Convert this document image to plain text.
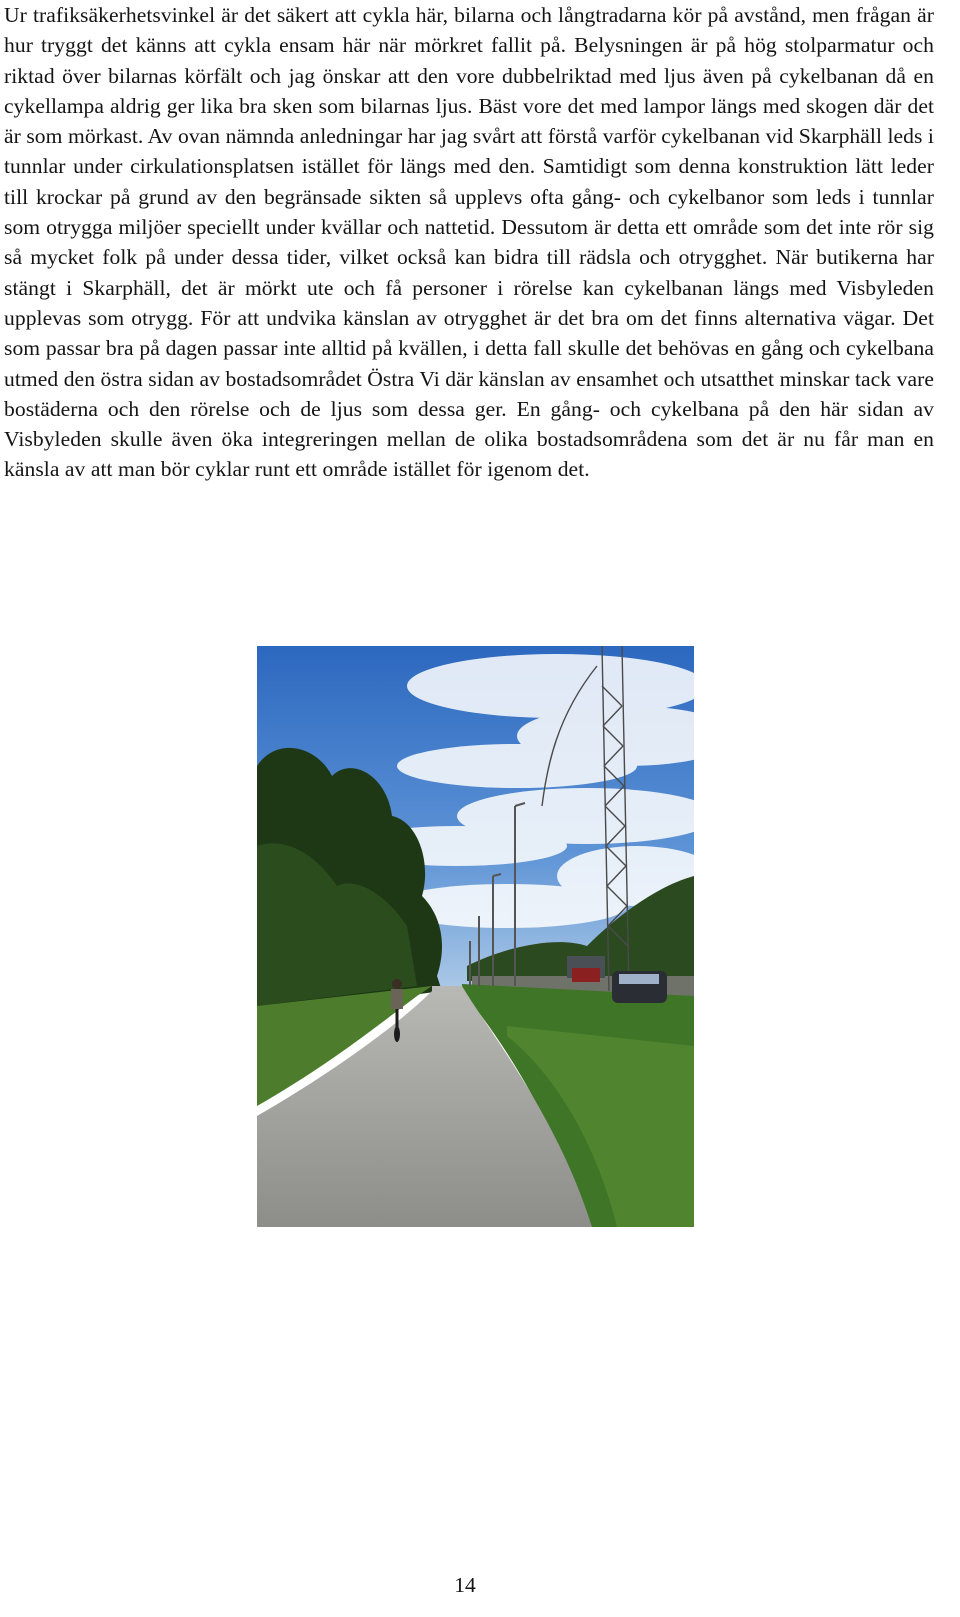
Ur trafiksäkerhetsvinkel är det säkert att cykla här, bilarna och långtradarna kör på avstånd, men frågan är hur tryggt det känns att cykla ensam här när mörkret fallit på. Belysningen är på hög stolparmatur och riktad över bilarnas körfält och jag önskar att den vore dubbelriktad med ljus även på cykelbanan då en cykellampa aldrig ger lika bra sken som bilarnas ljus. Bäst vore det med lampor längs med skogen där det är som mörkast. Av ovan nämnda anledningar har jag svårt att förstå varför cykelbanan vid Skarphäll leds i tunnlar under cirkulationsplatsen istället för längs med den. Samtidigt som denna konstruktion lätt leder till krockar på grund av den begränsade sikten så upplevs ofta gång- och cykelbanor som leds i tunnlar som otrygga miljöer speciellt under kvällar och nattetid. Dessutom är detta ett område som det inte rör sig så mycket folk på under dessa tider, vilket också kan bidra till rädsla och otrygghet. När butikerna har stängt i Skarphäll, det är mörkt ute och få personer i rörelse kan cykelbanan längs med Visbyleden upplevas som otrygg. För att undvika känslan av otrygghet är det bra om det finns alternativa vägar. Det som passar bra på dagen passar inte alltid på kvällen, i detta fall skulle det behövas en gång och cykelbana utmed den östra sidan av bostadsområdet Östra Vi där känslan av ensamhet och utsatthet minskar tack vare bostäderna och den rörelse och de ljus som dessa ger. En gång- och cykelbana på den här sidan av Visbyleden skulle även öka integreringen mellan de olika bostadsområdena som det är nu får man en känsla av att man bör cyklar runt ett område istället för igenom det.

14
